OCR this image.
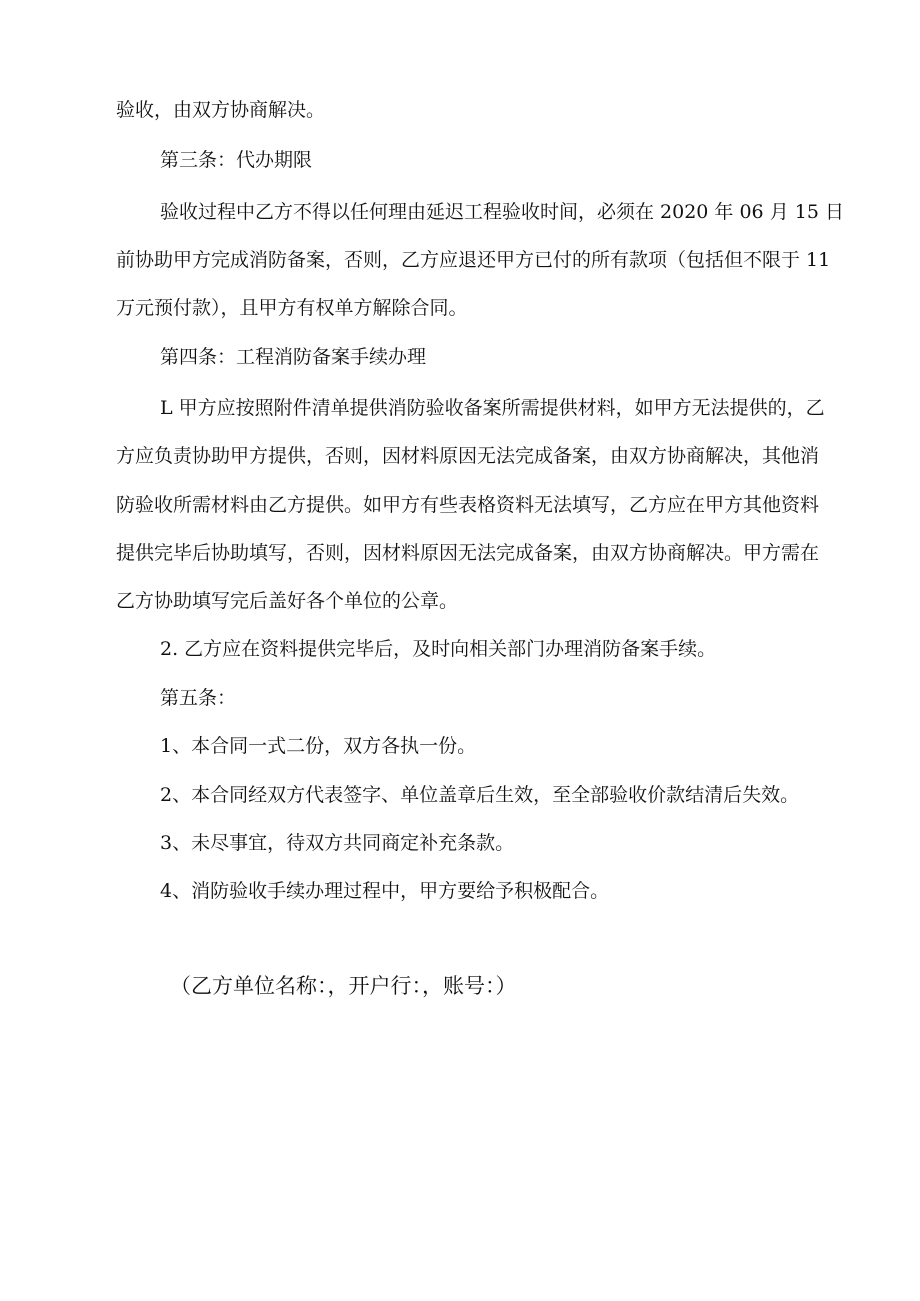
验收，由双方协商解决。

第三条：代办期限

验收过程中乙方不得以任何理由延迟工程验收时间，必须在 2020 年 06 月 15 日

前协助甲方完成消防备案，否则，乙方应退还甲方已付的所有款项（包括但不限于 11

万元预付款），且甲方有权单方解除合同。

第四条：工程消防备案手续办理

L 甲方应按照附件清单提供消防验收备案所需提供材料，如甲方无法提供的，乙

方应负责协助甲方提供，否则，因材料原因无法完成备案，由双方协商解决，其他消

防验收所需材料由乙方提供。如甲方有些表格资料无法填写，乙方应在甲方其他资料

提供完毕后协助填写，否则，因材料原因无法完成备案，由双方协商解决。甲方需在

乙方协助填写完后盖好各个单位的公章。

2. 乙方应在资料提供完毕后，及时向相关部门办理消防备案手续。

第五条：

1、本合同一式二份，双方各执一份。

2、本合同经双方代表签字、单位盖章后生效，至全部验收价款结清后失效。

3、未尽事宜，待双方共同商定补充条款。

4、消防验收手续办理过程中，甲方要给予积极配合。

（乙方单位名称：，开户行：，账号：）
